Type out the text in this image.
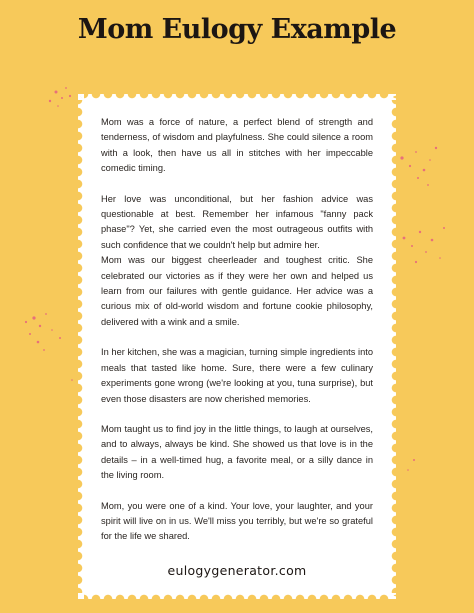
Mom Eulogy Example

Mom was a force of nature, a perfect blend of strength and tenderness, of wisdom and playfulness. She could silence a room with a look, then have us all in stitches with her impeccable comedic timing.

Her love was unconditional, but her fashion advice was questionable at best. Remember her infamous "fanny pack phase"? Yet, she carried even the most outrageous outfits with such confidence that we couldn't help but admire her.

Mom was our biggest cheerleader and toughest critic. She celebrated our victories as if they were her own and helped us learn from our failures with gentle guidance. Her advice was a curious mix of old-world wisdom and fortune cookie philosophy, delivered with a wink and a smile.

In her kitchen, she was a magician, turning simple ingredients into meals that tasted like home. Sure, there were a few culinary experiments gone wrong (we're looking at you, tuna surprise), but even those disasters are now cherished memories.

Mom taught us to find joy in the little things, to laugh at ourselves, and to always, always be kind. She showed us that love is in the details – in a well-timed hug, a favorite meal, or a silly dance in the living room.

Mom, you were one of a kind. Your love, your laughter, and your spirit will live on in us. We'll miss you terribly, but we're so grateful for the life we shared.

eulogygenerator.com
